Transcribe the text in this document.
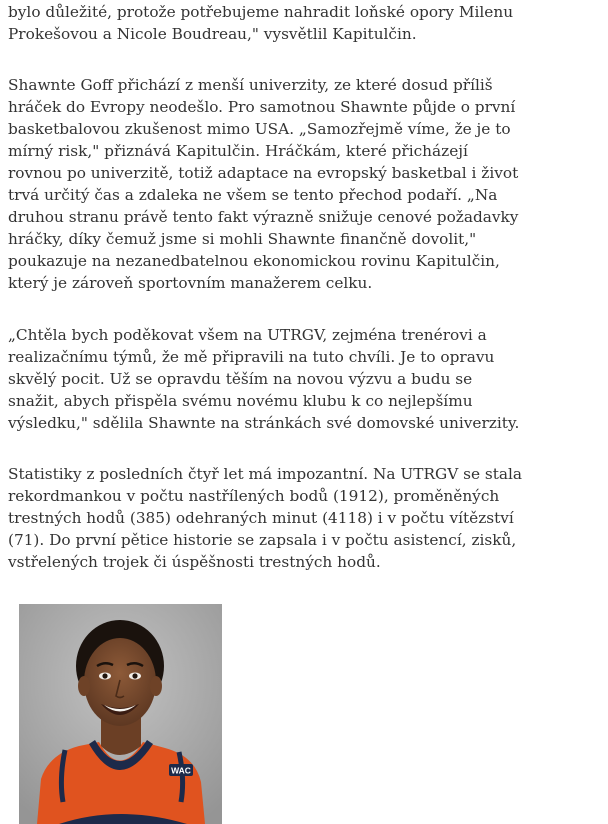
bylo důležité, protože potřebujeme nahradit loňské opory Milenu
Prokešovou a Nicole Boudreau," vysvětlil Kapitulčin.

Shawnte Goff přichází z menší univerzity, ze které dosud příliš
hráček do Evropy neodešlo. Pro samotnou Shawnte půjde o první
basketbalovou zkušenost mimo USA. „Samozřejmě víme, že je to
mírný risk," přiznává Kapitulčin. Hráčkám, které přicházejí
rovnou po univerzitě, totiž adaptace na evropský basketbal i život
trvá určitý čas a zdaleka ne všem se tento přechod podaří. „Na
druhou stranu právě tento fakt výrazně snižuje cenové požadavky
hráčky, díky čemuž jsme si mohli Shawnte finančně dovolit,"
poukazuje na nezanedbatelnou ekonomickou rovinu Kapitulčin,
který je zároveň sportovním manažerem celku.

„Chtěla bych poděkovat všem na UTRGV, zejména trenérovi a
realizačnímu týmů, že mě připravili na tuto chvíli. Je to opravu
skvělý pocit. Už se opravdu těším na novou výzvu a budu se
snažit, abych přispěla svému novému klubu k co nejlepšímu
výsledku," sdělila Shawnte na stránkách své domovské univerzity.

Statistiky z posledních čtyř let má impozantní. Na UTRGV se stala
rekordmankou v počtu nastřílených bodů (1912), proměněných
trestných hodů (385) odehraných minut (4118) i v počtu vítězství
(71). Do první pětice historie se zapsala i v počtu asistencí, zisků,
vstřelených trojek či úspěšnosti trestných hodů.

WAC
